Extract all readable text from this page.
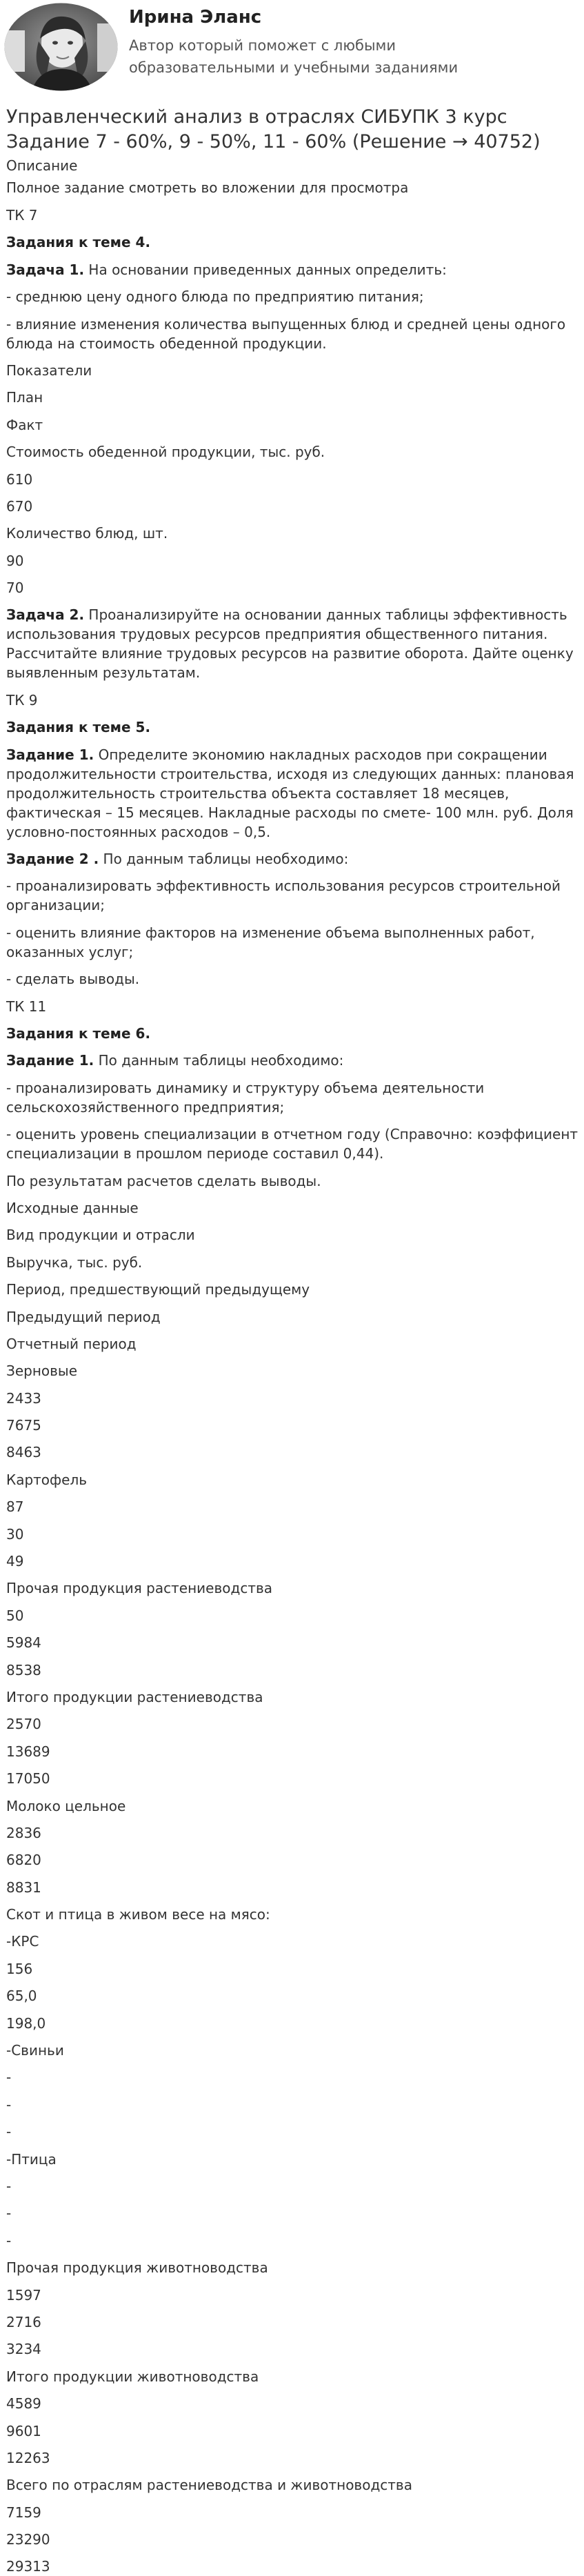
Ирина Эланс
Автор который поможет с любыми образовательными и учебными заданиями
Управленческий анализ в отраслях СИБУПК 3 курс Задание 7 - 60%, 9 - 50%, 11 - 60% (Решение → 40752)
Описание
Полное задание смотреть во вложении для просмотра

ТК 7

Задания к теме 4.

Задача 1. На основании приведенных данных определить:

- среднюю цену одного блюда по предприятию питания;

- влияние изменения количества выпущенных блюд и средней цены одного блюда на стоимость обеденной продукции.

Показатели

План

Факт

Стоимость обеденной продукции, тыс. руб.

610

670

Количество блюд, шт.

90

70

Задача 2. Проанализируйте на основании данных таблицы эффективность использования трудовых ресурсов предприятия общественного питания. Рассчитайте влияние трудовых ресурсов на развитие оборота. Дайте оценку выявленным результатам.

ТК 9

Задания к теме 5.

Задание 1. Определите экономию накладных расходов при сокращении продолжительности строительства, исходя из следующих данных: плановая продолжительность строительства объекта составляет 18 месяцев, фактическая – 15 месяцев. Накладные расходы по смете- 100 млн. руб. Доля условно-постоянных расходов – 0,5.

Задание 2 . По данным таблицы необходимо:

- проанализировать эффективность использования ресурсов строительной организации;

- оценить влияние факторов на изменение объема выполненных работ, оказанных услуг;

- сделать выводы.

ТК 11

Задания к теме 6.

Задание 1. По данным таблицы необходимо:

- проанализировать динамику и структуру объема деятельности сельскохозяйственного предприятия;

- оценить уровень специализации в отчетном году (Справочно: коэффициент специализации в прошлом периоде составил 0,44).

По результатам расчетов сделать выводы.

Исходные данные

Вид продукции и отрасли

Выручка, тыс. руб.

Период, предшествующий предыдущему

Предыдущий период

Отчетный период

Зерновые

2433

7675

8463

Картофель

87

30

49

Прочая продукция растениеводства

50

5984

8538

Итого продукции растениеводства

2570

13689

17050

Молоко цельное

2836

6820

8831

Скот и птица в живом весе на мясо:

-КРС

156

65,0

198,0

-Свиньи

-

-

-

-Птица

-

-

-

Прочая продукция животноводства

1597

2716

3234

Итого продукции животноводства

4589

9601

12263

Всего по отраслям растениеводства и животноводства

7159

23290

29313
